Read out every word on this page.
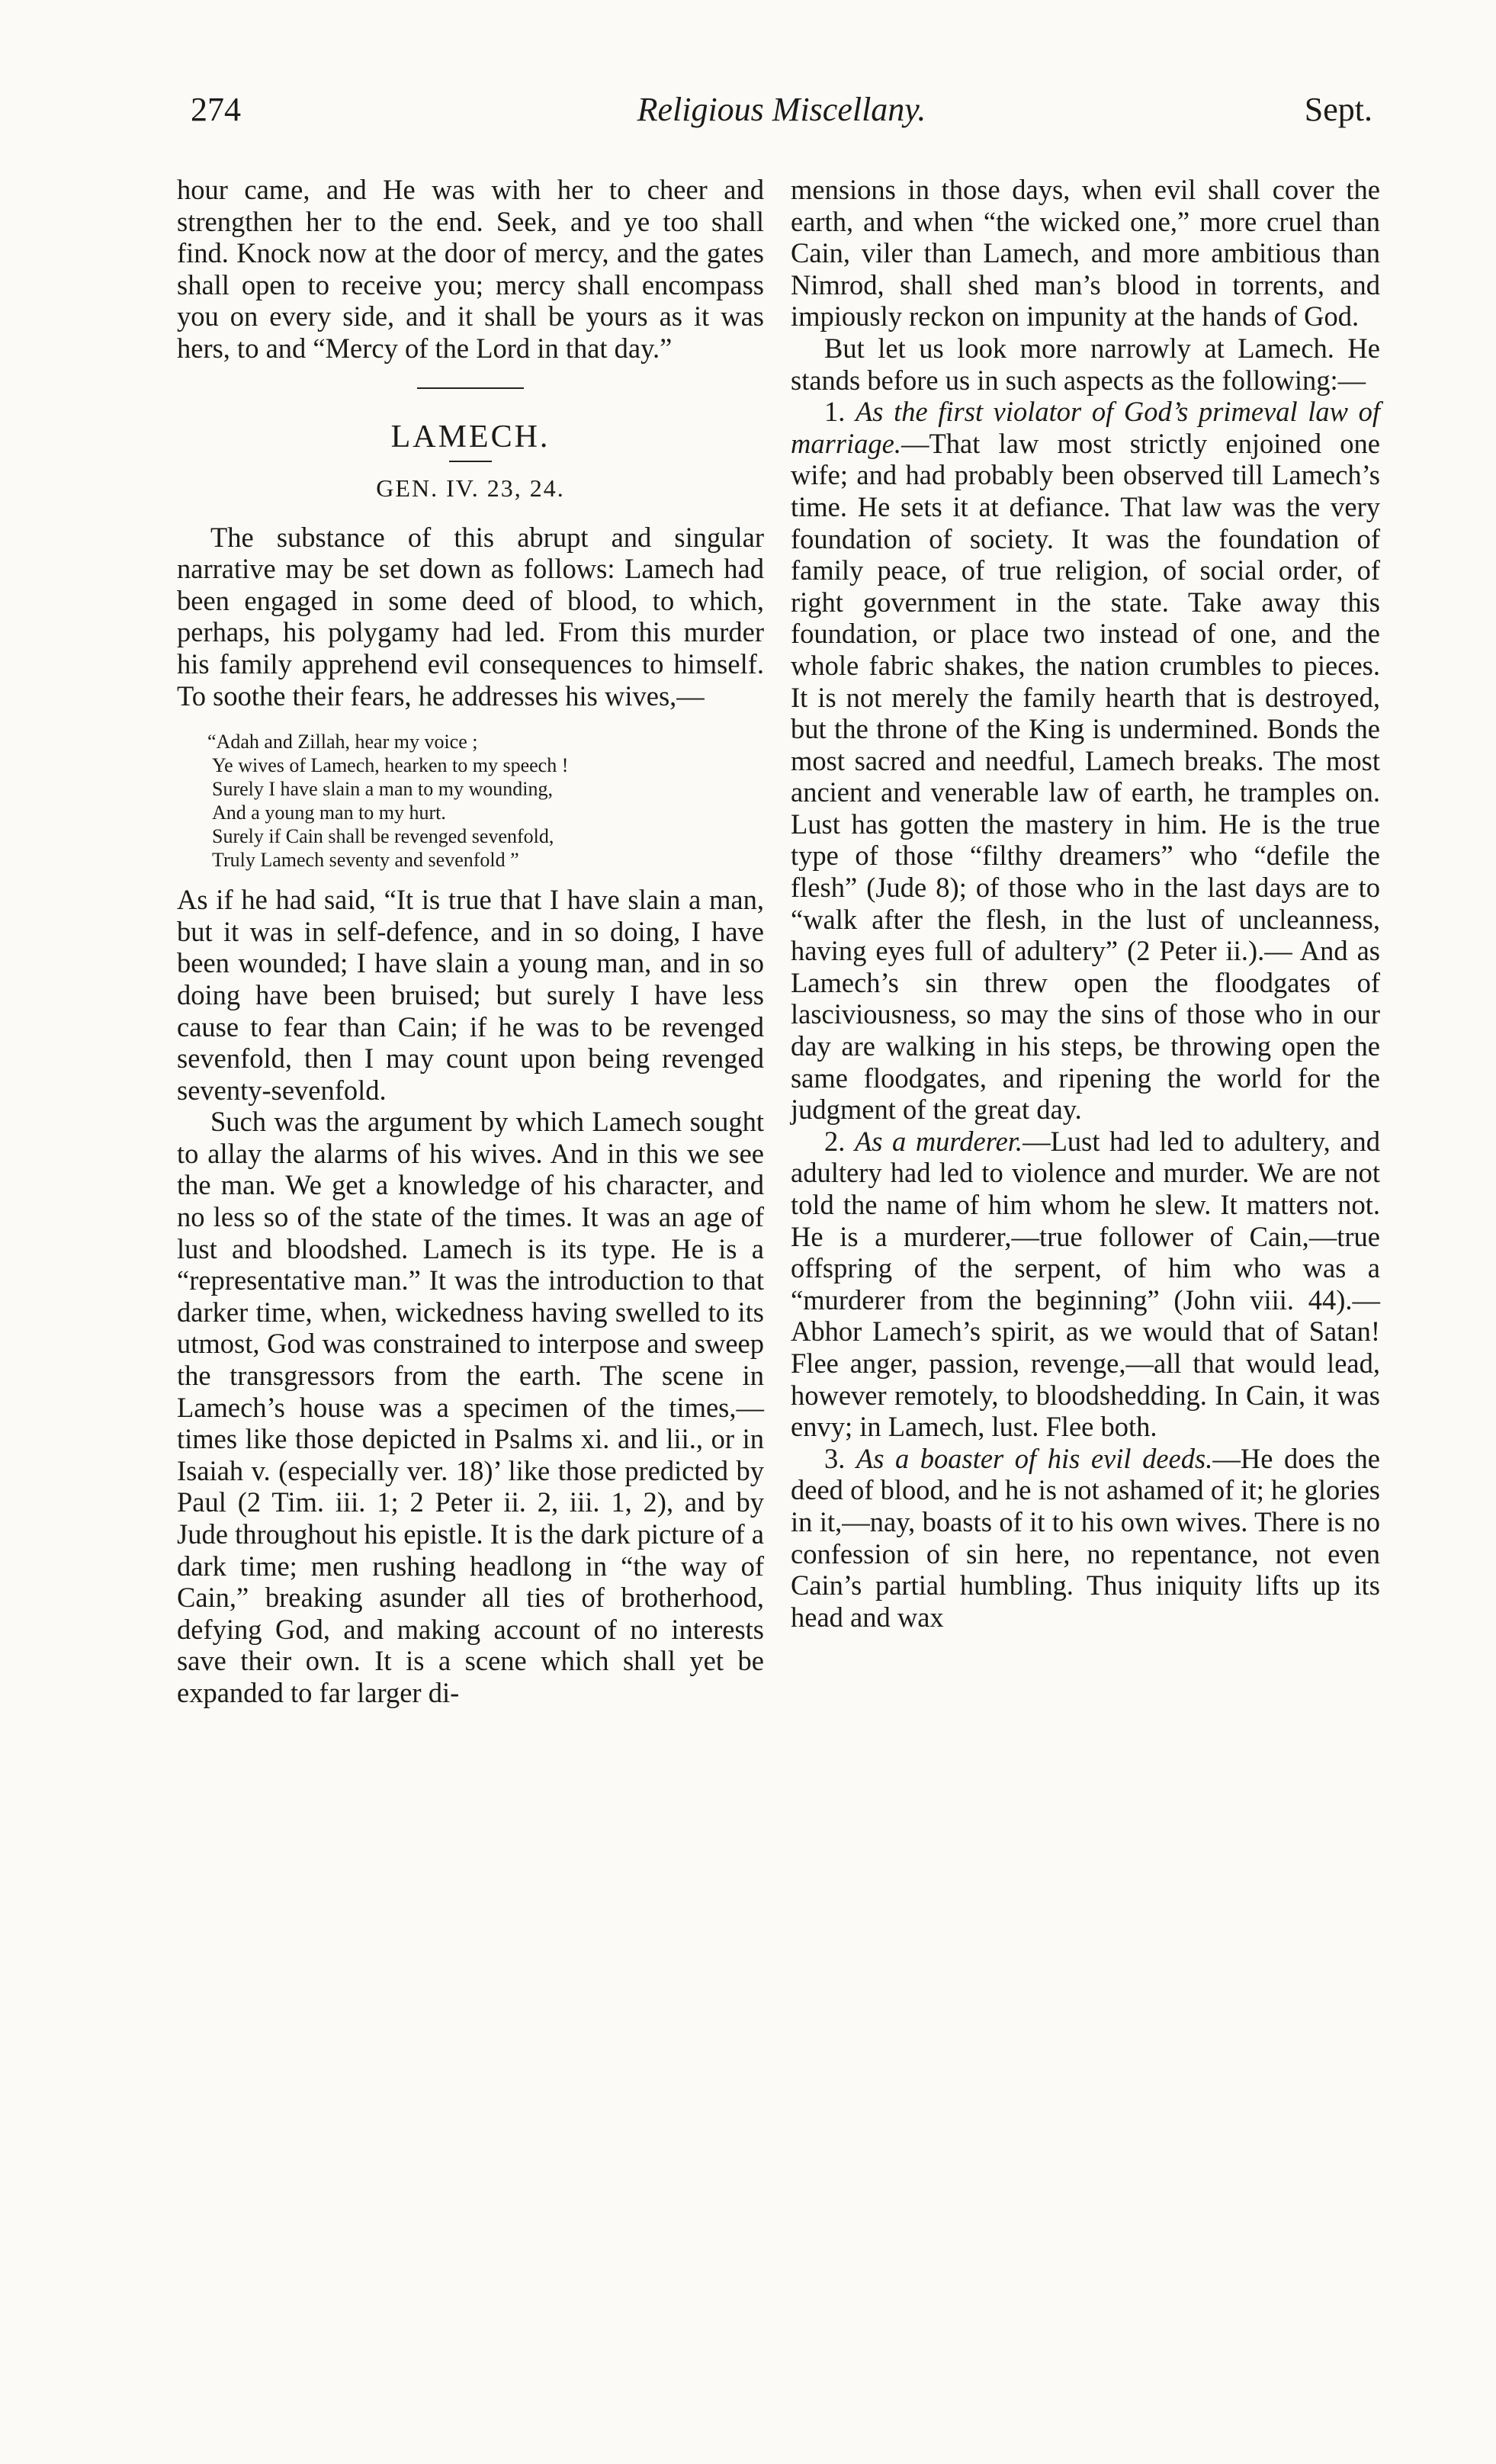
274	Religious Miscellany.	Sept.

hour came, and He was with her to cheer and strengthen her to the end. Seek, and ye too shall find. Knock now at the door of mercy, and the gates shall open to receive you; mercy shall encompass you on every side, and it shall be yours as it was hers, to and “Mercy of the Lord in that day.”

LAMECH.

GEN. IV. 23, 24.

The substance of this abrupt and singular narrative may be set down as follows: Lamech had been engaged in some deed of blood, to which, perhaps, his polygamy had led. From this murder his family apprehend evil consequences to himself. To soothe their fears, he addresses his wives,—

“Adah and Zillah, hear my voice ;
Ye wives of Lamech, hearken to my speech !
Surely I have slain a man to my wounding,
And a young man to my hurt.
Surely if Cain shall be revenged sevenfold,
Truly Lamech seventy and sevenfold ”

As if he had said, “It is true that I have slain a man, but it was in self-defence, and in so doing, I have been wounded; I have slain a young man, and in so doing have been bruised; but surely I have less cause to fear than Cain; if he was to be revenged sevenfold, then I may count upon being revenged seventy-sevenfold.

Such was the argument by which Lamech sought to allay the alarms of his wives. And in this we see the man. We get a knowledge of his character, and no less so of the state of the times. It was an age of lust and bloodshed. Lamech is its type. He is a “representative man.” It was the introduction to that darker time, when, wickedness having swelled to its utmost, God was constrained to interpose and sweep the transgressors from the earth. The scene in Lamech’s house was a specimen of the times,—times like those depicted in Psalms xi. and lii., or in Isaiah v. (especially ver. 18)’ like those predicted by Paul (2 Tim. iii. 1; 2 Peter ii. 2, iii. 1, 2), and by Jude throughout his epistle. It is the dark picture of a dark time; men rushing headlong in “the way of Cain,” breaking asunder all ties of brotherhood, defying God, and making account of no interests save their own. It is a scene which shall yet be expanded to far larger di-

mensions in those days, when evil shall cover the earth, and when “the wicked one,” more cruel than Cain, viler than Lamech, and more ambitious than Nimrod, shall shed man’s blood in torrents, and impiously reckon on impunity at the hands of God.

But let us look more narrowly at Lamech. He stands before us in such aspects as the following:—

1. As the first violator of God’s primeval law of marriage.—That law most strictly enjoined one wife; and had probably been observed till Lamech’s time. He sets it at defiance. That law was the very foundation of society. It was the foundation of family peace, of true religion, of social order, of right government in the state. Take away this foundation, or place two instead of one, and the whole fabric shakes, the nation crumbles to pieces. It is not merely the family hearth that is destroyed, but the throne of the King is undermined. Bonds the most sacred and needful, Lamech breaks. The most ancient and venerable law of earth, he tramples on. Lust has gotten the mastery in him. He is the true type of those “filthy dreamers” who “defile the flesh” (Jude 8); of those who in the last days are to “walk after the flesh, in the lust of uncleanness, having eyes full of adultery” (2 Peter ii.).— And as Lamech’s sin threw open the floodgates of lasciviousness, so may the sins of those who in our day are walking in his steps, be throwing open the same floodgates, and ripening the world for the judgment of the great day.

2. As a murderer.—Lust had led to adultery, and adultery had led to violence and murder. We are not told the name of him whom he slew. It matters not. He is a murderer,—true follower of Cain,—true offspring of the serpent, of him who was a “murderer from the beginning” (John viii. 44).— Abhor Lamech’s spirit, as we would that of Satan! Flee anger, passion, revenge,—all that would lead, however remotely, to bloodshedding. In Cain, it was envy; in Lamech, lust. Flee both.

3. As a boaster of his evil deeds.—He does the deed of blood, and he is not ashamed of it; he glories in it,—nay, boasts of it to his own wives. There is no confession of sin here, no repentance, not even Cain’s partial humbling. Thus iniquity lifts up its head and wax
